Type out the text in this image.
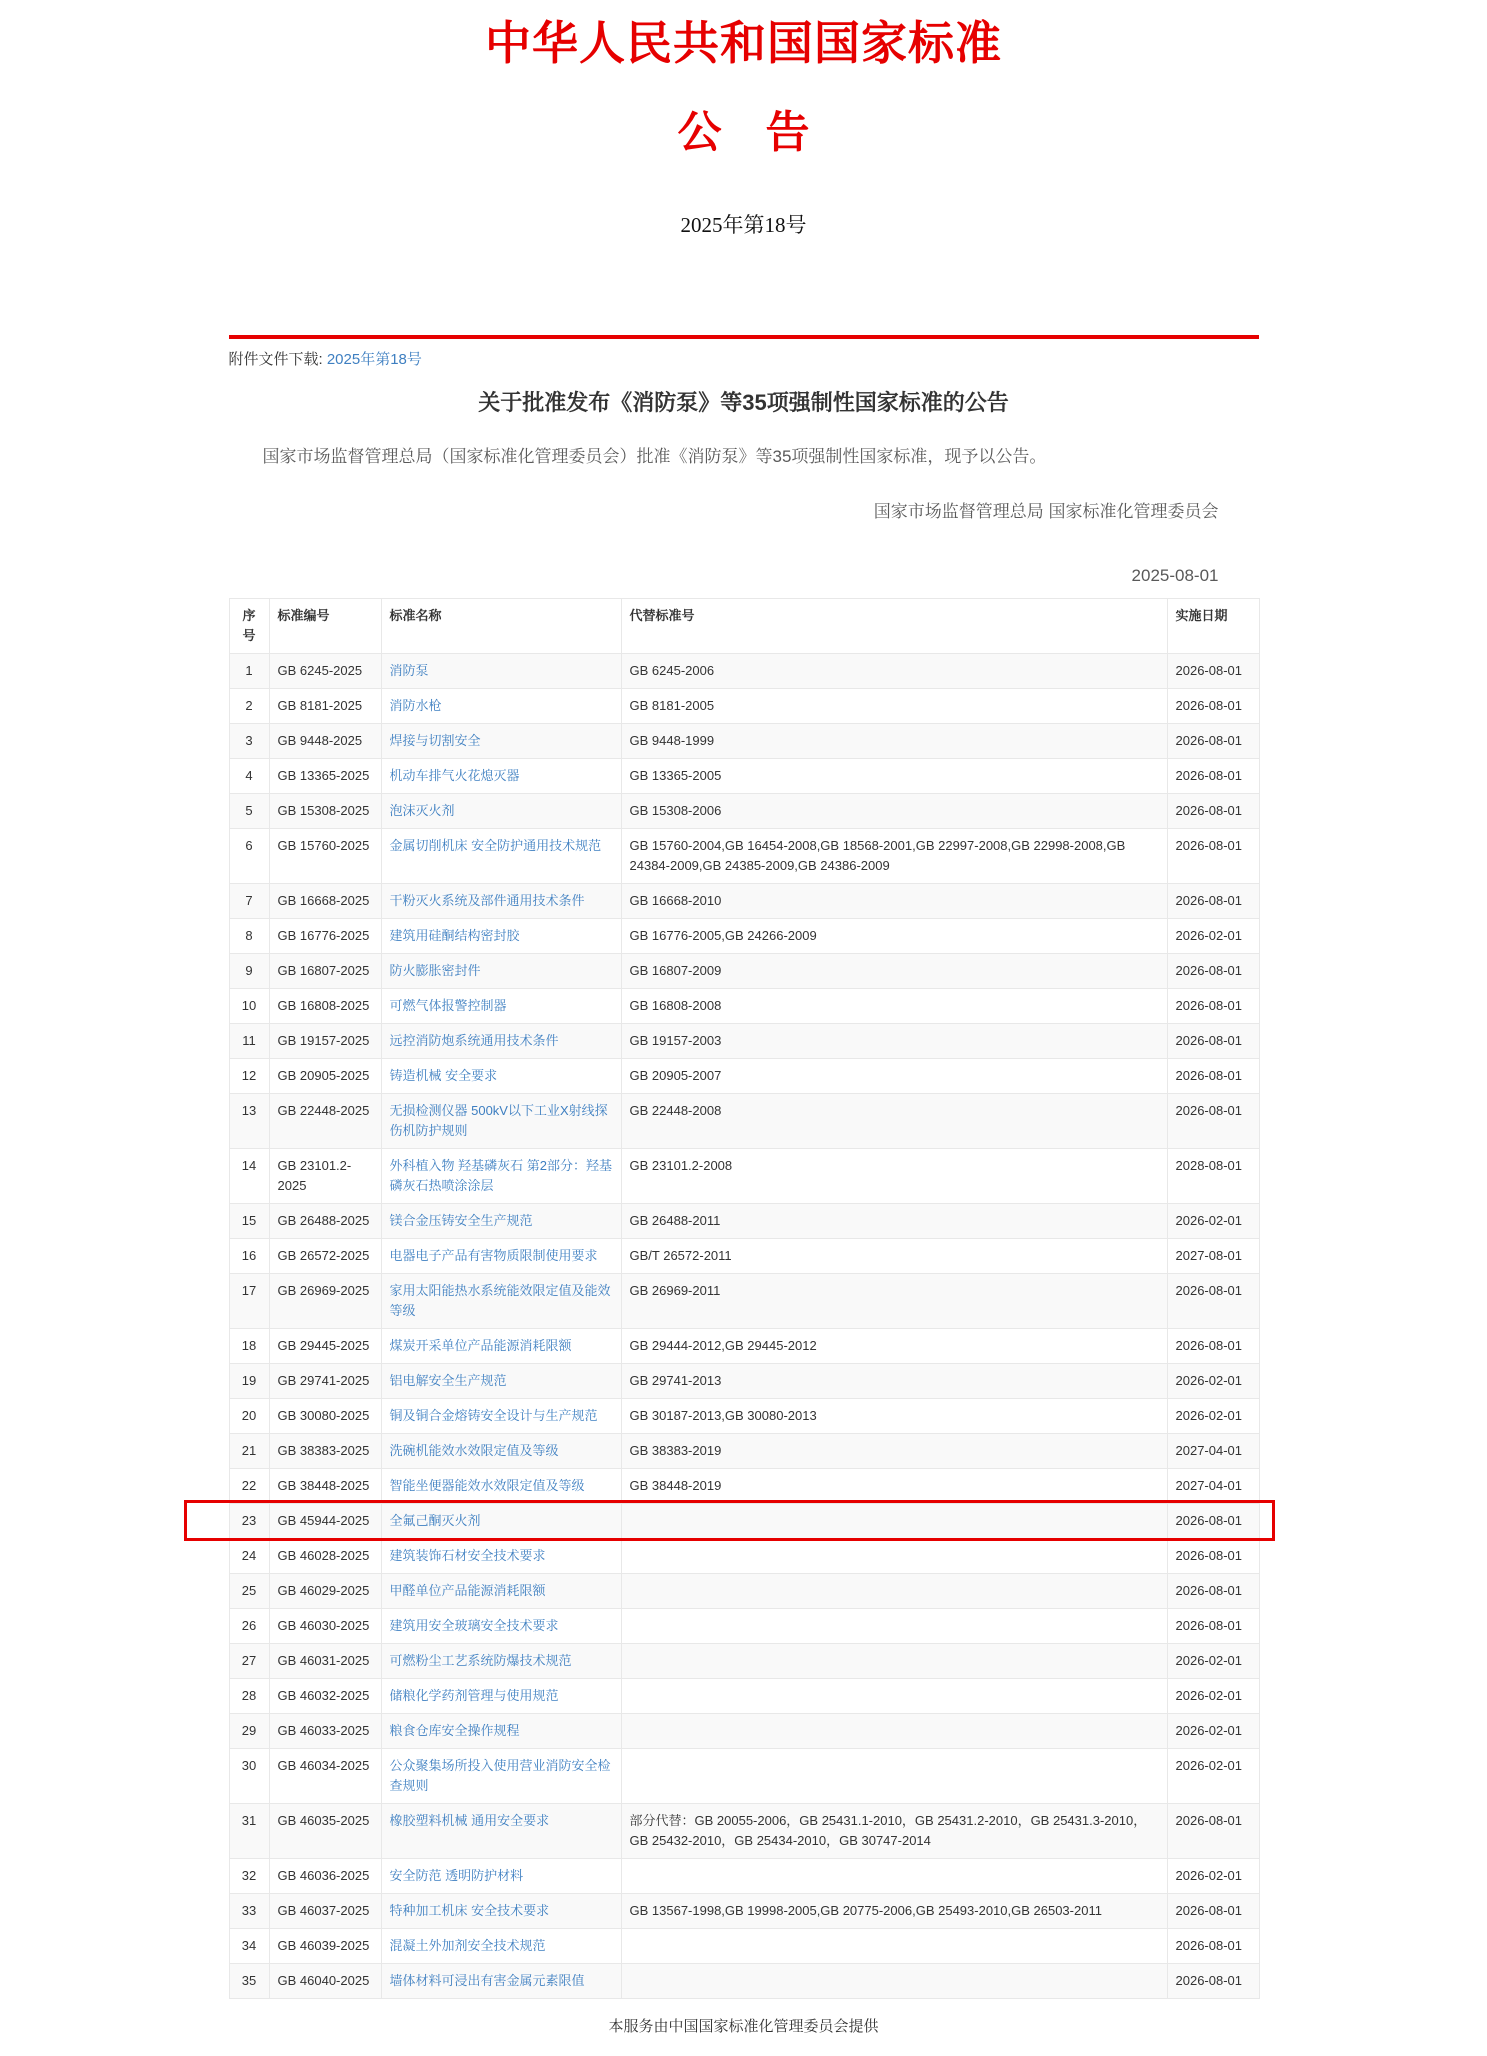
中华人民共和国国家标准
公　告
2025年第18号
附件文件下载: 2025年第18号
关于批准发布《消防泵》等35项强制性国家标准的公告

国家市场监督管理总局（国家标准化管理委员会）批准《消防泵》等35项强制性国家标准，现予以公告。

国家市场监督管理总局 国家标准化管理委员会

2025-08-01

序号	标准编号	标准名称	代替标准号	实施日期
1	GB 6245-2025	消防泵	GB 6245-2006	2026-08-01
2	GB 8181-2025	消防水枪	GB 8181-2005	2026-08-01
3	GB 9448-2025	焊接与切割安全	GB 9448-1999	2026-08-01
4	GB 13365-2025	机动车排气火花熄灭器	GB 13365-2005	2026-08-01
5	GB 15308-2025	泡沫灭火剂	GB 15308-2006	2026-08-01
6	GB 15760-2025	金属切削机床 安全防护通用技术规范	GB 15760-2004,GB 16454-2008,GB 18568-2001,GB 22997-2008,GB 22998-2008,GB 24384-2009,GB 24385-2009,GB 24386-2009	2026-08-01
7	GB 16668-2025	干粉灭火系统及部件通用技术条件	GB 16668-2010	2026-08-01
8	GB 16776-2025	建筑用硅酮结构密封胶	GB 16776-2005,GB 24266-2009	2026-02-01
9	GB 16807-2025	防火膨胀密封件	GB 16807-2009	2026-08-01
10	GB 16808-2025	可燃气体报警控制器	GB 16808-2008	2026-08-01
11	GB 19157-2025	远控消防炮系统通用技术条件	GB 19157-2003	2026-08-01
12	GB 20905-2025	铸造机械 安全要求	GB 20905-2007	2026-08-01
13	GB 22448-2025	无损检测仪器 500kV以下工业X射线探伤机防护规则	GB 22448-2008	2026-08-01
14	GB 23101.2-2025	外科植入物 羟基磷灰石 第2部分：羟基磷灰石热喷涂涂层	GB 23101.2-2008	2028-08-01
15	GB 26488-2025	镁合金压铸安全生产规范	GB 26488-2011	2026-02-01
16	GB 26572-2025	电器电子产品有害物质限制使用要求	GB/T 26572-2011	2027-08-01
17	GB 26969-2025	家用太阳能热水系统能效限定值及能效等级	GB 26969-2011	2026-08-01
18	GB 29445-2025	煤炭开采单位产品能源消耗限额	GB 29444-2012,GB 29445-2012	2026-08-01
19	GB 29741-2025	铝电解安全生产规范	GB 29741-2013	2026-02-01
20	GB 30080-2025	铜及铜合金熔铸安全设计与生产规范	GB 30187-2013,GB 30080-2013	2026-02-01
21	GB 38383-2025	洗碗机能效水效限定值及等级	GB 38383-2019	2027-04-01
22	GB 38448-2025	智能坐便器能效水效限定值及等级	GB 38448-2019	2027-04-01
23	GB 45944-2025	全氟己酮灭火剂		2026-08-01
24	GB 46028-2025	建筑装饰石材安全技术要求		2026-08-01
25	GB 46029-2025	甲醛单位产品能源消耗限额		2026-08-01
26	GB 46030-2025	建筑用安全玻璃安全技术要求		2026-08-01
27	GB 46031-2025	可燃粉尘工艺系统防爆技术规范		2026-02-01
28	GB 46032-2025	储粮化学药剂管理与使用规范		2026-02-01
29	GB 46033-2025	粮食仓库安全操作规程		2026-02-01
30	GB 46034-2025	公众聚集场所投入使用营业消防安全检查规则		2026-02-01
31	GB 46035-2025	橡胶塑料机械 通用安全要求	部分代替：GB 20055-2006，GB 25431.1-2010，GB 25431.2-2010，GB 25431.3-2010，GB 25432-2010，GB 25434-2010，GB 30747-2014	2026-08-01
32	GB 46036-2025	安全防范 透明防护材料		2026-02-01
33	GB 46037-2025	特种加工机床 安全技术要求	GB 13567-1998,GB 19998-2005,GB 20775-2006,GB 25493-2010,GB 26503-2011	2026-08-01
34	GB 46039-2025	混凝土外加剂安全技术规范		2026-08-01
35	GB 46040-2025	墙体材料可浸出有害金属元素限值		2026-08-01
本服务由中国国家标准化管理委员会提供
